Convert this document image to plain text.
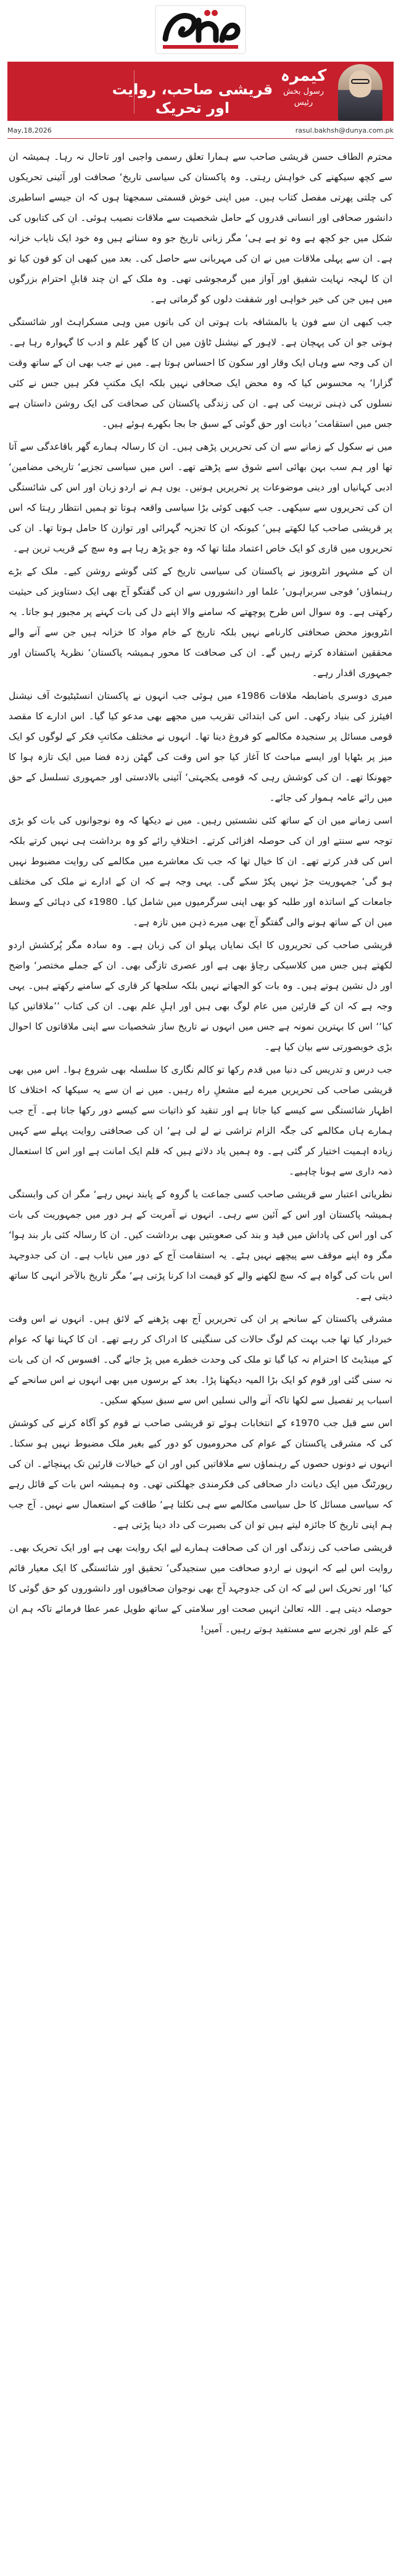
قریشی صاحب، روایت اور تحریک
کیمرہ
رسول بخش رئیس
May,18,2026	rasul.bakhsh@dunya.com.pk

محترم الطاف حسن قریشی صاحب سے ہمارا تعلق رسمی واجبی اور تاحال نہ رہا۔ ہمیشہ ان سے کچھ سیکھنے کی خواہش رہتی۔ وہ پاکستان کی سیاسی تاریخ‘ صحافت اور آئینی تحریکوں کی چلتی پھرتی مفصل کتاب ہیں۔ میں اپنی خوش قسمتی سمجھتا ہوں کہ ان جیسے اساطیری دانشور صحافی اور انسانی قدروں کے حامل شخصیت سے ملاقات نصیب ہوئی۔ ان کی کتابوں کی شکل میں جو کچھ ہے وہ تو ہے ہی‘ مگر زبانی تاریخ جو وہ سناتے ہیں وہ خود ایک نایاب خزانہ ہے۔ ان سے پہلی ملاقات میں نے ان کی مہربانی سے حاصل کی۔ بعد میں کبھی ان کو فون کیا تو ان کا لہجہ نہایت شفیق اور آواز میں گرمجوشی تھی۔ وہ ملک کے ان چند قابلِ احترام بزرگوں میں ہیں جن کی خیر خواہی اور شفقت دلوں کو گرماتی ہے۔

جب کبھی ان سے فون یا بالمشافہ بات ہوتی ان کی باتوں میں وہی مسکراہٹ اور شائستگی ہوتی جو ان کی پہچان ہے۔ لاہور کے نیشنل ٹاؤن میں ان کا گھر علم و ادب کا گہوارہ رہا ہے۔ ان کی وجہ سے وہاں ایک وقار اور سکون کا احساس ہوتا ہے۔ میں نے جب بھی ان کے ساتھ وقت گزارا‘ یہ محسوس کیا کہ وہ محض ایک صحافی نہیں بلکہ ایک مکتبِ فکر ہیں جس نے کئی نسلوں کی ذہنی تربیت کی ہے۔ ان کی زندگی پاکستان کی صحافت کی ایک روشن داستان ہے جس میں استقامت‘ دیانت اور حق گوئی کے سبق جا بجا بکھرے ہوئے ہیں۔

میں نے سکول کے زمانے سے ان کی تحریریں پڑھی ہیں۔ ان کا رسالہ ہمارے گھر باقاعدگی سے آتا تھا اور ہم سب بہن بھائی اسے شوق سے پڑھتے تھے۔ اس میں سیاسی تجزیے‘ تاریخی مضامین‘ ادبی کہانیاں اور دینی موضوعات پر تحریریں ہوتیں۔ یوں ہم نے اردو زبان اور اس کی شائستگی ان کی تحریروں سے سیکھی۔ جب کبھی کوئی بڑا سیاسی واقعہ ہوتا تو ہمیں انتظار رہتا کہ اس پر قریشی صاحب کیا لکھتے ہیں‘ کیونکہ ان کا تجزیہ گہرائی اور توازن کا حامل ہوتا تھا۔ ان کی تحریروں میں قاری کو ایک خاص اعتماد ملتا تھا کہ وہ جو پڑھ رہا ہے وہ سچ کے قریب ترین ہے۔

ان کے مشہور انٹرویوز نے پاکستان کی سیاسی تاریخ کے کئی گوشے روشن کیے۔ ملک کے بڑے رہنماؤں‘ فوجی سربراہوں‘ علما اور دانشوروں سے ان کی گفتگو آج بھی ایک دستاویز کی حیثیت رکھتی ہے۔ وہ سوال اس طرح پوچھتے کہ سامنے والا اپنے دل کی بات کہنے پر مجبور ہو جاتا۔ یہ انٹرویوز محض صحافتی کارنامے نہیں بلکہ تاریخ کے خام مواد کا خزانہ ہیں جن سے آنے والے محققین استفادہ کرتے رہیں گے۔ ان کی صحافت کا محور ہمیشہ پاکستان‘ نظریۂ پاکستان اور جمہوری اقدار رہے۔

میری دوسری باضابطہ ملاقات 1986ء میں ہوئی جب انہوں نے پاکستان انسٹیٹیوٹ آف نیشنل افیئرز کی بنیاد رکھی۔ اس کی ابتدائی تقریب میں مجھے بھی مدعو کیا گیا۔ اس ادارے کا مقصد قومی مسائل پر سنجیدہ مکالمے کو فروغ دینا تھا۔ انہوں نے مختلف مکاتبِ فکر کے لوگوں کو ایک میز پر بٹھایا اور ایسے مباحث کا آغاز کیا جو اس وقت کی گھٹن زدہ فضا میں ایک تازہ ہوا کا جھونکا تھے۔ ان کی کوشش رہی کہ قومی یکجہتی‘ آئینی بالادستی اور جمہوری تسلسل کے حق میں رائے عامہ ہموار کی جائے۔

اسی زمانے میں ان کے ساتھ کئی نشستیں رہیں۔ میں نے دیکھا کہ وہ نوجوانوں کی بات کو بڑی توجہ سے سنتے اور ان کی حوصلہ افزائی کرتے۔ اختلافِ رائے کو وہ برداشت ہی نہیں کرتے بلکہ اس کی قدر کرتے تھے۔ ان کا خیال تھا کہ جب تک معاشرے میں مکالمے کی روایت مضبوط نہیں ہو گی‘ جمہوریت جڑ نہیں پکڑ سکے گی۔ یہی وجہ ہے کہ ان کے ادارے نے ملک کی مختلف جامعات کے اساتذہ اور طلبہ کو بھی اپنی سرگرمیوں میں شامل کیا۔ 1980ء کی دہائی کے وسط میں ان کے ساتھ ہونے والی گفتگو آج بھی میرے ذہن میں تازہ ہے۔

قریشی صاحب کی تحریروں کا ایک نمایاں پہلو ان کی زبان ہے۔ وہ سادہ مگر پُرکشش اردو لکھتے ہیں جس میں کلاسیکی رچاؤ بھی ہے اور عصری تازگی بھی۔ ان کے جملے مختصر‘ واضح اور دل نشین ہوتے ہیں۔ وہ بات کو الجھاتے نہیں بلکہ سلجھا کر قاری کے سامنے رکھتے ہیں۔ یہی وجہ ہے کہ ان کے قارئین میں عام لوگ بھی ہیں اور اہلِ علم بھی۔ ان کی کتاب ’’ملاقاتیں کیا کیا‘‘ اس کا بہترین نمونہ ہے جس میں انہوں نے تاریخ ساز شخصیات سے اپنی ملاقاتوں کا احوال بڑی خوبصورتی سے بیان کیا ہے۔

جب درس و تدریس کی دنیا میں قدم رکھا تو کالم نگاری کا سلسلہ بھی شروع ہوا۔ اس میں بھی قریشی صاحب کی تحریریں میرے لیے مشعلِ راہ رہیں۔ میں نے ان سے یہ سیکھا کہ اختلاف کا اظہار شائستگی سے کیسے کیا جاتا ہے اور تنقید کو ذاتیات سے کیسے دور رکھا جاتا ہے۔ آج جب ہمارے ہاں مکالمے کی جگہ الزام تراشی نے لے لی ہے‘ ان کی صحافتی روایت پہلے سے کہیں زیادہ اہمیت اختیار کر گئی ہے۔ وہ ہمیں یاد دلاتے ہیں کہ قلم ایک امانت ہے اور اس کا استعمال ذمہ داری سے ہونا چاہیے۔

نظریاتی اعتبار سے قریشی صاحب کسی جماعت یا گروہ کے پابند نہیں رہے‘ مگر ان کی وابستگی ہمیشہ پاکستان اور اس کے آئین سے رہی۔ انہوں نے آمریت کے ہر دور میں جمہوریت کی بات کی اور اس کی پاداش میں قید و بند کی صعوبتیں بھی برداشت کیں۔ ان کا رسالہ کئی بار بند ہوا‘ مگر وہ اپنے موقف سے پیچھے نہیں ہٹے۔ یہ استقامت آج کے دور میں نایاب ہے۔ ان کی جدوجہد اس بات کی گواہ ہے کہ سچ لکھنے والے کو قیمت ادا کرنا پڑتی ہے‘ مگر تاریخ بالآخر انہی کا ساتھ دیتی ہے۔

مشرقی پاکستان کے سانحے پر ان کی تحریریں آج بھی پڑھنے کے لائق ہیں۔ انہوں نے اس وقت خبردار کیا تھا جب بہت کم لوگ حالات کی سنگینی کا ادراک کر رہے تھے۔ ان کا کہنا تھا کہ عوام کے مینڈیٹ کا احترام نہ کیا گیا تو ملک کی وحدت خطرے میں پڑ جائے گی۔ افسوس کہ ان کی بات نہ سنی گئی اور قوم کو ایک بڑا المیہ دیکھنا پڑا۔ بعد کے برسوں میں بھی انہوں نے اس سانحے کے اسباب پر تفصیل سے لکھا تاکہ آنے والی نسلیں اس سے سبق سیکھ سکیں۔

اس سے قبل جب 1970ء کے انتخابات ہوئے تو قریشی صاحب نے قوم کو آگاہ کرنے کی کوشش کی کہ مشرقی پاکستان کے عوام کی محرومیوں کو دور کیے بغیر ملک مضبوط نہیں ہو سکتا۔ انہوں نے دونوں حصوں کے رہنماؤں سے ملاقاتیں کیں اور ان کے خیالات قارئین تک پہنچائے۔ ان کی رپورٹنگ میں ایک دیانت دار صحافی کی فکرمندی جھلکتی تھی۔ وہ ہمیشہ اس بات کے قائل رہے کہ سیاسی مسائل کا حل سیاسی مکالمے سے ہی نکلتا ہے‘ طاقت کے استعمال سے نہیں۔ آج جب ہم اپنی تاریخ کا جائزہ لیتے ہیں تو ان کی بصیرت کی داد دینا پڑتی ہے۔

قریشی صاحب کی زندگی اور ان کی صحافت ہمارے لیے ایک روایت بھی ہے اور ایک تحریک بھی۔ روایت اس لیے کہ انہوں نے اردو صحافت میں سنجیدگی‘ تحقیق اور شائستگی کا ایک معیار قائم کیا‘ اور تحریک اس لیے کہ ان کی جدوجہد آج بھی نوجوان صحافیوں اور دانشوروں کو حق گوئی کا حوصلہ دیتی ہے۔ اللہ تعالیٰ انہیں صحت اور سلامتی کے ساتھ طویل عمر عطا فرمائے تاکہ ہم ان کے علم اور تجربے سے مستفید ہوتے رہیں۔ آمین!
